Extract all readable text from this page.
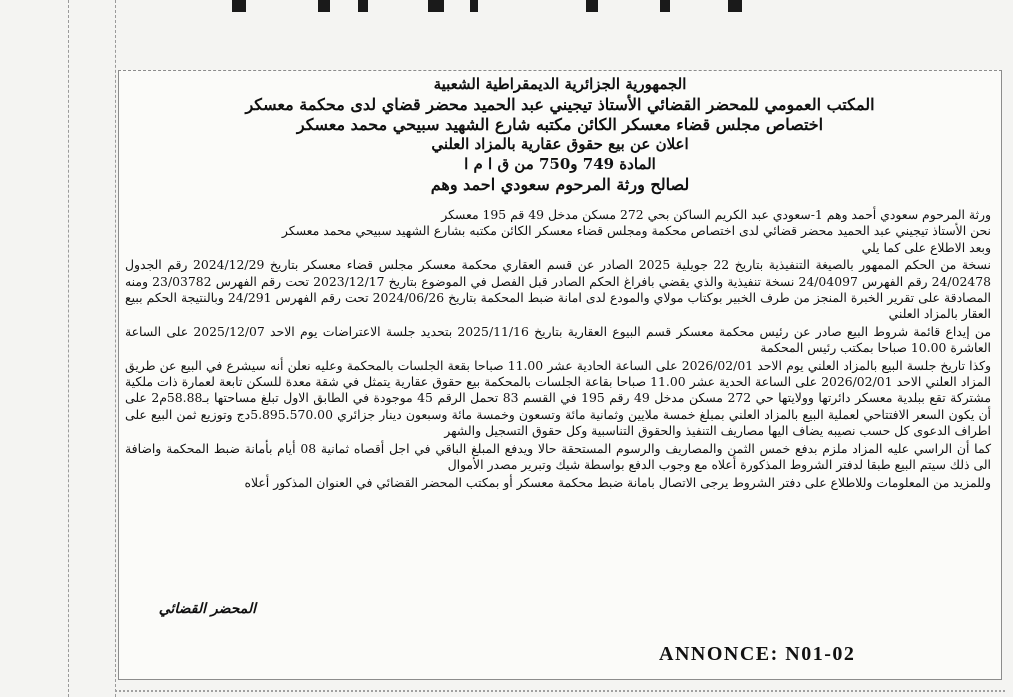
الجمهورية الجزائرية الديمقراطية الشعبية
المكتب العمومي للمحضر القضائي الأستاذ تيجيني عبد الحميد محضر قضاي لدى محكمة معسكر
اختصاص مجلس قضاء معسكر الكائن مكتبه شارع الشهيد سبيحي محمد معسكر
اعلان عن بيع حقوق عقارية بالمزاد العلني
المادة 749 و750 من ق ا م ا
لصالح ورثة المرحوم سعودي احمد وهم

ورثة المرحوم سعودي أحمد وهم 1-سعودي عبد الكريم الساكن بحي 272 مسكن مدخل 49 قم 195 معسكر

نحن الأستاذ تيجيني عبد الحميد محضر قضائي لدى اختصاص محكمة ومجلس قضاء معسكر الكائن مكتبه بشارع الشهيد سبيحي محمد معسكر

وبعد الاطلاع على كما يلي

نسخة من الحكم الممهور بالصيغة التنفيذية بتاريخ 22 جويلية 2025 الصادر عن قسم العقاري محكمة معسكر مجلس قضاء معسكر بتاريخ 2024/12/29 رقم الجدول 24/02478 رقم الفهرس 24/04097 نسخة تنفيذية والذي يقضي بافراغ الحكم الصادر قبل الفصل في الموضوع بتاريخ 2023/12/17 تحت رقم الفهرس 23/03782 ومنه المصادقة على تقرير الخبرة المنجز من طرف الخبير بوكتاب مولاي والمودع لدى امانة ضبط المحكمة بتاريخ 2024/06/26 تحت رقم الفهرس 24/291 وبالنتيجة الحكم ببيع العقار بالمزاد العلني

من إيداع قائمة شروط البيع صادر عن رئيس محكمة معسكر قسم البيوع العقارية بتاريخ 2025/11/16 بتحديد جلسة الاعتراضات يوم الاحد 2025/12/07 على الساعة العاشرة 10.00 صباحا بمكتب رئيس المحكمة

وكذا تاريخ جلسة البيع بالمزاد العلني يوم الاحد 2026/02/01 على الساعة الحادية عشر 11.00 صباحا بقعة الجلسات بالمحكمة وعليه نعلن أنه سيشرع في البيع عن طريق المزاد العلني الاحد 2026/02/01 على الساعة الحدية عشر 11.00 صباحا بقاعة الجلسات بالمحكمة بيع حقوق عقارية يتمثل في شقة معدة للسكن تابعة لعمارة ذات ملكية مشتركة تقع ببلدية معسكر دائرتها وولايتها حي 272 مسكن مدخل 49 رقم 195 في القسم 83 تحمل الرقم 45 موجودة في الطابق الاول تبلغ مساحتها بـ58.88م2 على أن يكون السعر الافتتاحي لعملية البيع بالمزاد العلني بمبلغ خمسة ملايين وثمانية مائة وتسعون وخمسة مائة وسبعون دينار جزائري 5.895.570.00دج وتوزيع ثمن البيع على اطراف الدعوى كل حسب نصيبه يضاف اليها مصاريف التنفيذ والحقوق التناسبية وكل حقوق التسجيل والشهر

كما أن الراسي عليه المزاد ملزم بدفع خمس الثمن والمصاريف والرسوم المستحقة حالا ويدفع المبلغ الباقي في اجل أقصاه ثمانية 08 أيام بأمانة ضبط المحكمة واضافة الى ذلك سيتم البيع طبقا لدفتر الشروط المذكورة أعلاه مع وجوب الدفع بواسطة شيك وتبرير مصدر الأموال

وللمزيد من المعلومات وللاطلاع على دفتر الشروط يرجى الاتصال بامانة ضبط محكمة معسكر أو بمكتب المحضر القضائي في العنوان المذكور أعلاه

المحضر القضائي
ANNONCE: N01-02
